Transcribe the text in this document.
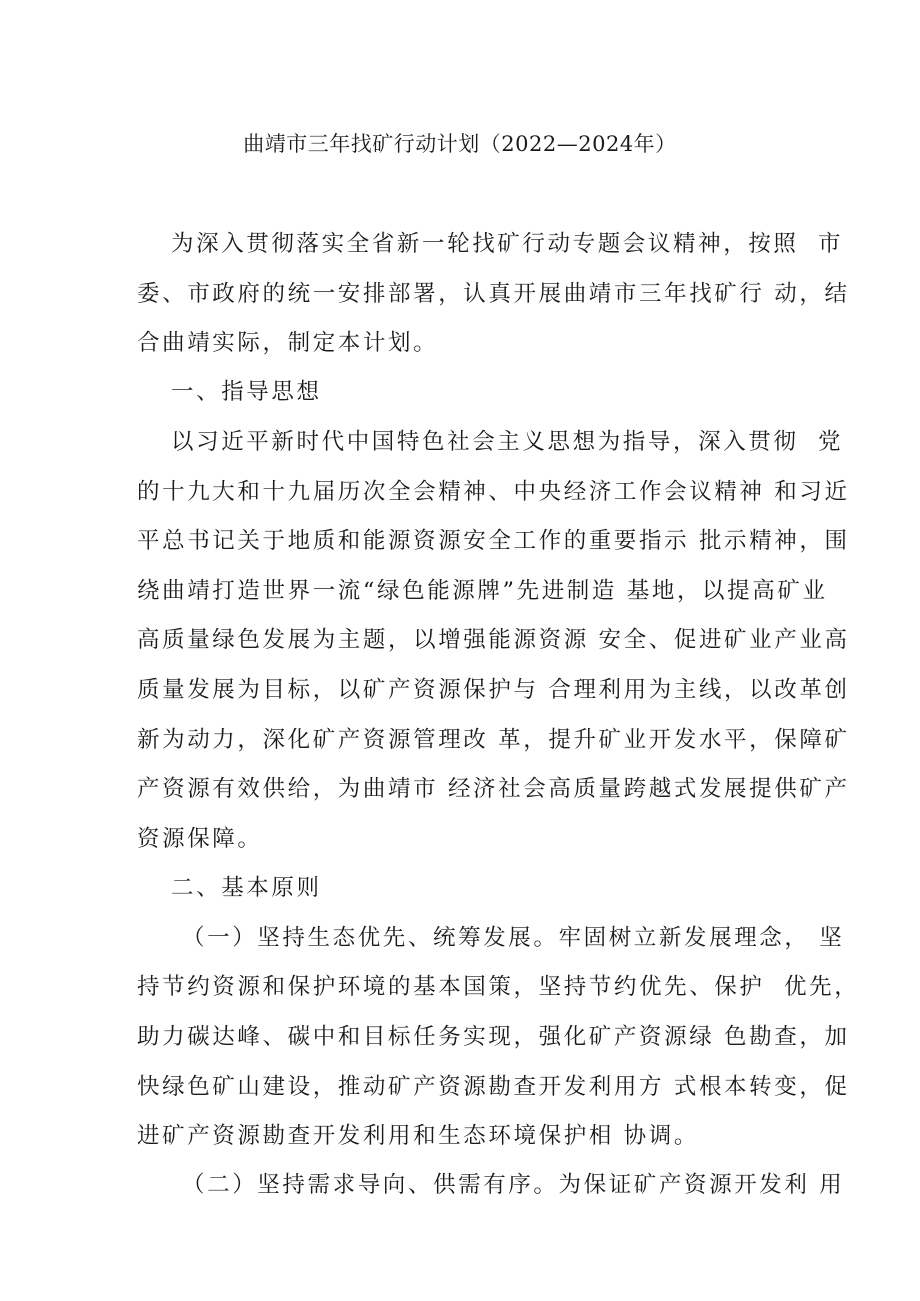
曲靖市三年找矿行动计划（2022—2024年）
为深入贯彻落实全省新一轮找矿行动专题会议精神，按照  市
委、市政府的统一安排部署，认真开展曲靖市三年找矿行 动，结
合曲靖实际，制定本计划。
一、指导思想
以习近平新时代中国特色社会主义思想为指导，深入贯彻  党
的十九大和十九届历次全会精神、中央经济工作会议精神 和习近
平总书记关于地质和能源资源安全工作的重要指示 批示精神，围
绕曲靖打造世界一流“绿色能源牌”先进制造 基地，以提高矿业
高质量绿色发展为主题，以增强能源资源 安全、促进矿业产业高
质量发展为目标，以矿产资源保护与 合理利用为主线，以改革创
新为动力，深化矿产资源管理改 革，提升矿业开发水平，保障矿
产资源有效供给，为曲靖市 经济社会高质量跨越式发展提供矿产
资源保障。
二、基本原则
（一）坚持生态优先、统筹发展。牢固树立新发展理念， 坚
持节约资源和保护环境的基本国策，坚持节约优先、保护  优先，
助力碳达峰、碳中和目标任务实现，强化矿产资源绿 色勘查，加
快绿色矿山建设，推动矿产资源勘查开发利用方 式根本转变，促
进矿产资源勘查开发利用和生态环境保护相 协调。
（二）坚持需求导向、供需有序。为保证矿产资源开发利 用
